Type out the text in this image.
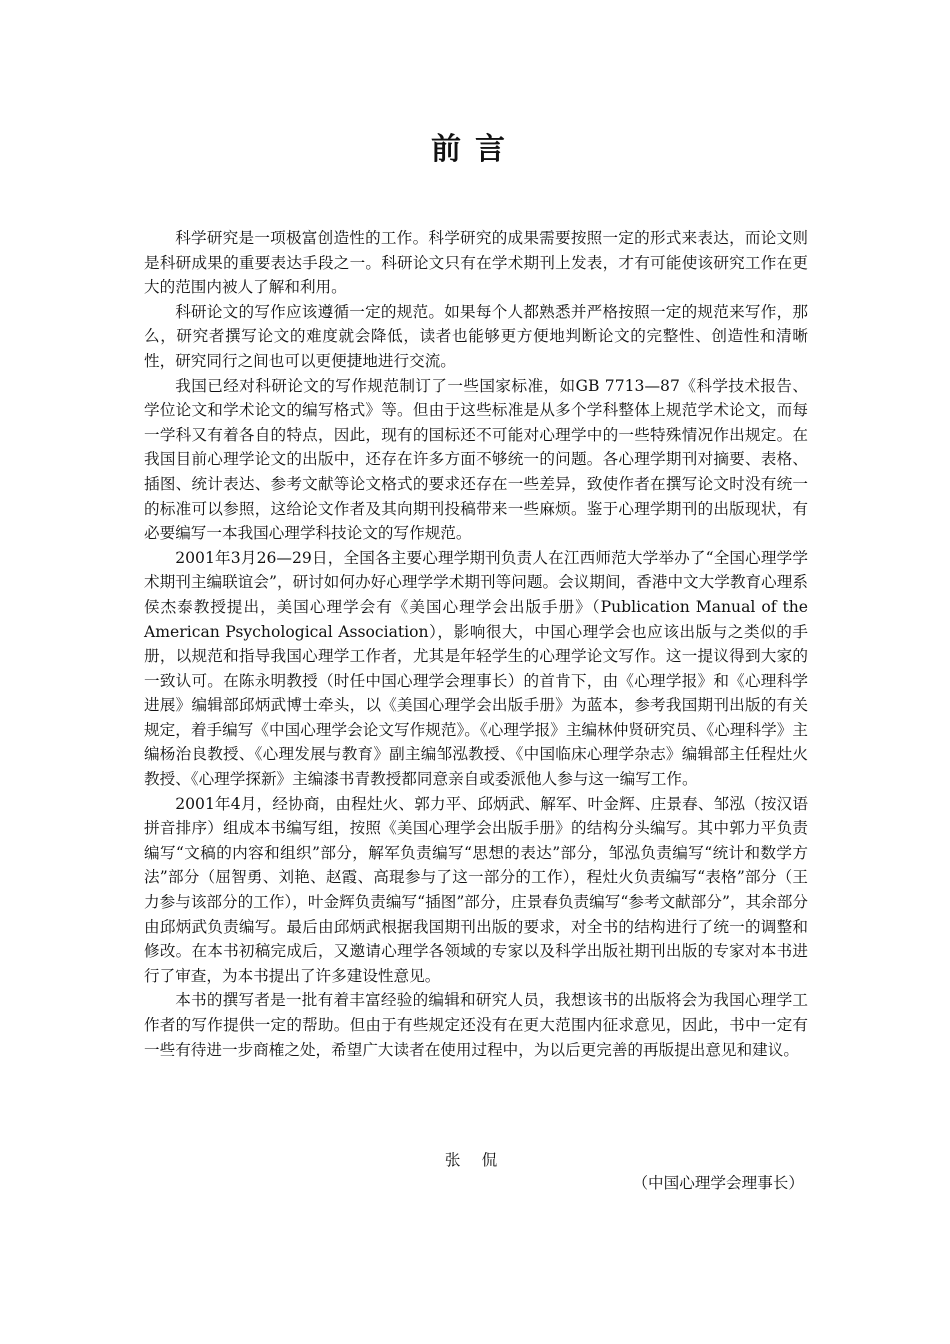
前言

科学研究是一项极富创造性的工作。科学研究的成果需要按照一定的形式来表达，而论文则是科研成果的重要表达手段之一。科研论文只有在学术期刊上发表，才有可能使该研究工作在更大的范围内被人了解和利用。

科研论文的写作应该遵循一定的规范。如果每个人都熟悉并严格按照一定的规范来写作，那么，研究者撰写论文的难度就会降低，读者也能够更方便地判断论文的完整性、创造性和清晰性，研究同行之间也可以更便捷地进行交流。

我国已经对科研论文的写作规范制订了一些国家标准，如GB 7713—87《科学技术报告、学位论文和学术论文的编写格式》等。但由于这些标准是从多个学科整体上规范学术论文，而每一学科又有着各自的特点，因此，现有的国标还不可能对心理学中的一些特殊情况作出规定。在我国目前心理学论文的出版中，还存在许多方面不够统一的问题。各心理学期刊对摘要、表格、插图、统计表达、参考文献等论文格式的要求还存在一些差异，致使作者在撰写论文时没有统一的标准可以参照，这给论文作者及其向期刊投稿带来一些麻烦。鉴于心理学期刊的出版现状，有必要编写一本我国心理学科技论文的写作规范。

2001年3月26—29日，全国各主要心理学期刊负责人在江西师范大学举办了“全国心理学学术期刊主编联谊会”，研讨如何办好心理学学术期刊等问题。会议期间，香港中文大学教育心理系侯杰泰教授提出，美国心理学会有《美国心理学会出版手册》（Publication Manual of the American Psychological Association），影响很大，中国心理学会也应该出版与之类似的手册，以规范和指导我国心理学工作者，尤其是年轻学生的心理学论文写作。这一提议得到大家的一致认可。在陈永明教授（时任中国心理学会理事长）的首肯下，由《心理学报》和《心理科学进展》编辑部邱炳武博士牵头，以《美国心理学会出版手册》为蓝本，参考我国期刊出版的有关规定，着手编写《中国心理学会论文写作规范》。《心理学报》主编林仲贤研究员、《心理科学》主编杨治良教授、《心理发展与教育》副主编邹泓教授、《中国临床心理学杂志》编辑部主任程灶火教授、《心理学探新》主编漆书青教授都同意亲自或委派他人参与这一编写工作。

2001年4月，经协商，由程灶火、郭力平、邱炳武、解军、叶金辉、庄景春、邹泓（按汉语拼音排序）组成本书编写组，按照《美国心理学会出版手册》的结构分头编写。其中郭力平负责编写“文稿的内容和组织”部分，解军负责编写“思想的表达”部分，邹泓负责编写“统计和数学方法”部分（屈智勇、刘艳、赵霞、高琨参与了这一部分的工作），程灶火负责编写“表格”部分（王力参与该部分的工作），叶金辉负责编写“插图”部分，庄景春负责编写“参考文献部分”，其余部分由邱炳武负责编写。最后由邱炳武根据我国期刊出版的要求，对全书的结构进行了统一的调整和修改。在本书初稿完成后，又邀请心理学各领域的专家以及科学出版社期刊出版的专家对本书进行了审查，为本书提出了许多建设性意见。

本书的撰写者是一批有着丰富经验的编辑和研究人员，我想该书的出版将会为我国心理学工作者的写作提供一定的帮助。但由于有些规定还没有在更大范围内征求意见，因此，书中一定有一些有待进一步商榷之处，希望广大读者在使用过程中，为以后更完善的再版提出意见和建议。

张 侃
（中国心理学会理事长）
